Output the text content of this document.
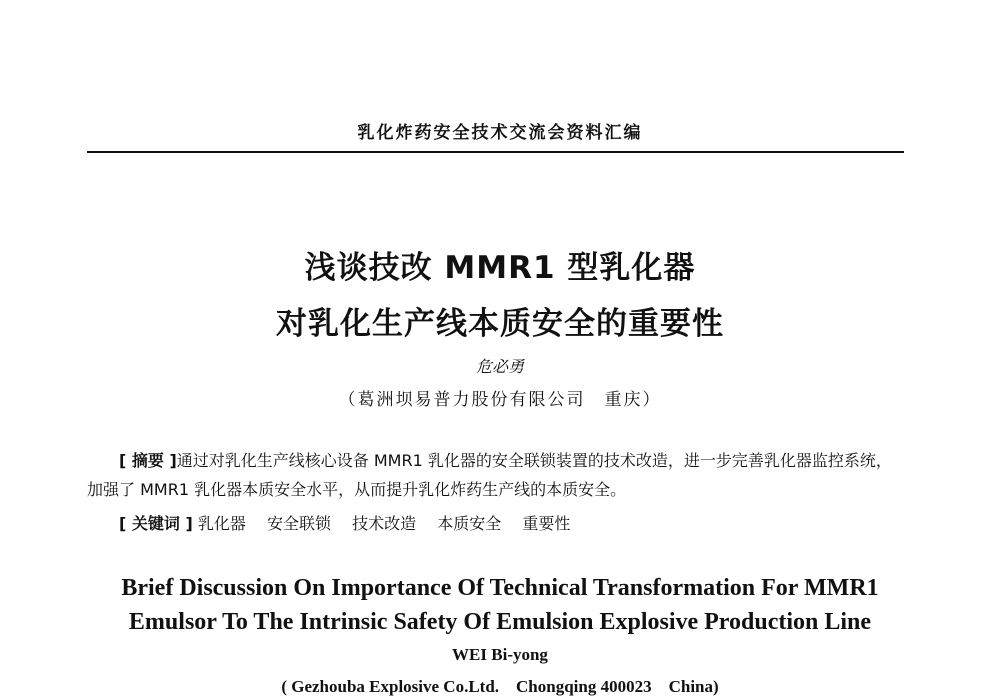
乳化炸药安全技术交流会资料汇编
浅谈技改 MMR1 型乳化器
对乳化生产线本质安全的重要性
危必勇
（葛洲坝易普力股份有限公司　重庆）
[ 摘要 ]通过对乳化生产线核心设备 MMR1 乳化器的安全联锁装置的技术改造，进一步完善乳化器监控系统，加强了 MMR1 乳化器本质安全水平，从而提升乳化炸药生产线的本质安全。
[ 关键词 ] 乳化器 安全联锁 技术改造 本质安全 重要性
Brief Discussion On Importance Of Technical Transformation For MMR1
Emulsor To The Intrinsic Safety Of Emulsion Explosive Production Line
WEI Bi-yong
( Gezhouba Explosive Co.Ltd.　Chongqing 400023　China)
